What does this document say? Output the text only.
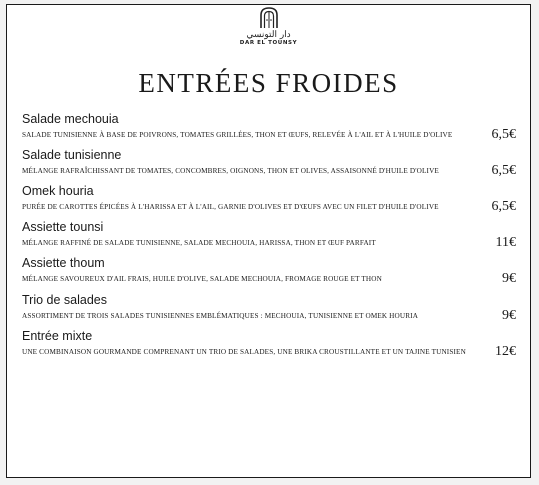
دار التونسي
DAR EL TOUNSY
ENTRÉES FROIDES
Salade mechouia
SALADE TUNISIENNE À BASE DE POIVRONS, TOMATES GRILLÉES, THON ET ŒUFS, RELEVÉE À L'AIL ET À L'HUILE D'OLIVE	6,5€
Salade tunisienne
MÉLANGE RAFRAÎCHISSANT DE TOMATES, CONCOMBRES, OIGNONS, THON ET OLIVES, ASSAISONNÉ D'HUILE D'OLIVE	6,5€
Omek houria
PURÉE DE CAROTTES ÉPICÉES À L'HARISSA ET À L'AIL, GARNIE D'OLIVES ET D'ŒUFS AVEC UN FILET D'HUILE D'OLIVE	6,5€
Assiette tounsi
MÉLANGE RAFFINÉ DE SALADE TUNISIENNE, SALADE MECHOUIA, HARISSA, THON ET ŒUF PARFAIT	11€
Assiette thoum
MÉLANGE SAVOUREUX D'AIL FRAIS, HUILE D'OLIVE, SALADE MECHOUIA, FROMAGE ROUGE ET THON	9€
Trio de salades
ASSORTIMENT DE TROIS SALADES TUNISIENNES EMBLÉMATIQUES : MECHOUIA, TUNISIENNE ET OMEK HOURIA	9€
Entrée mixte
UNE COMBINAISON GOURMANDE COMPRENANT UN TRIO DE SALADES, UNE BRIKA CROUSTILLANTE ET UN TAJINE TUNISIEN 12€
